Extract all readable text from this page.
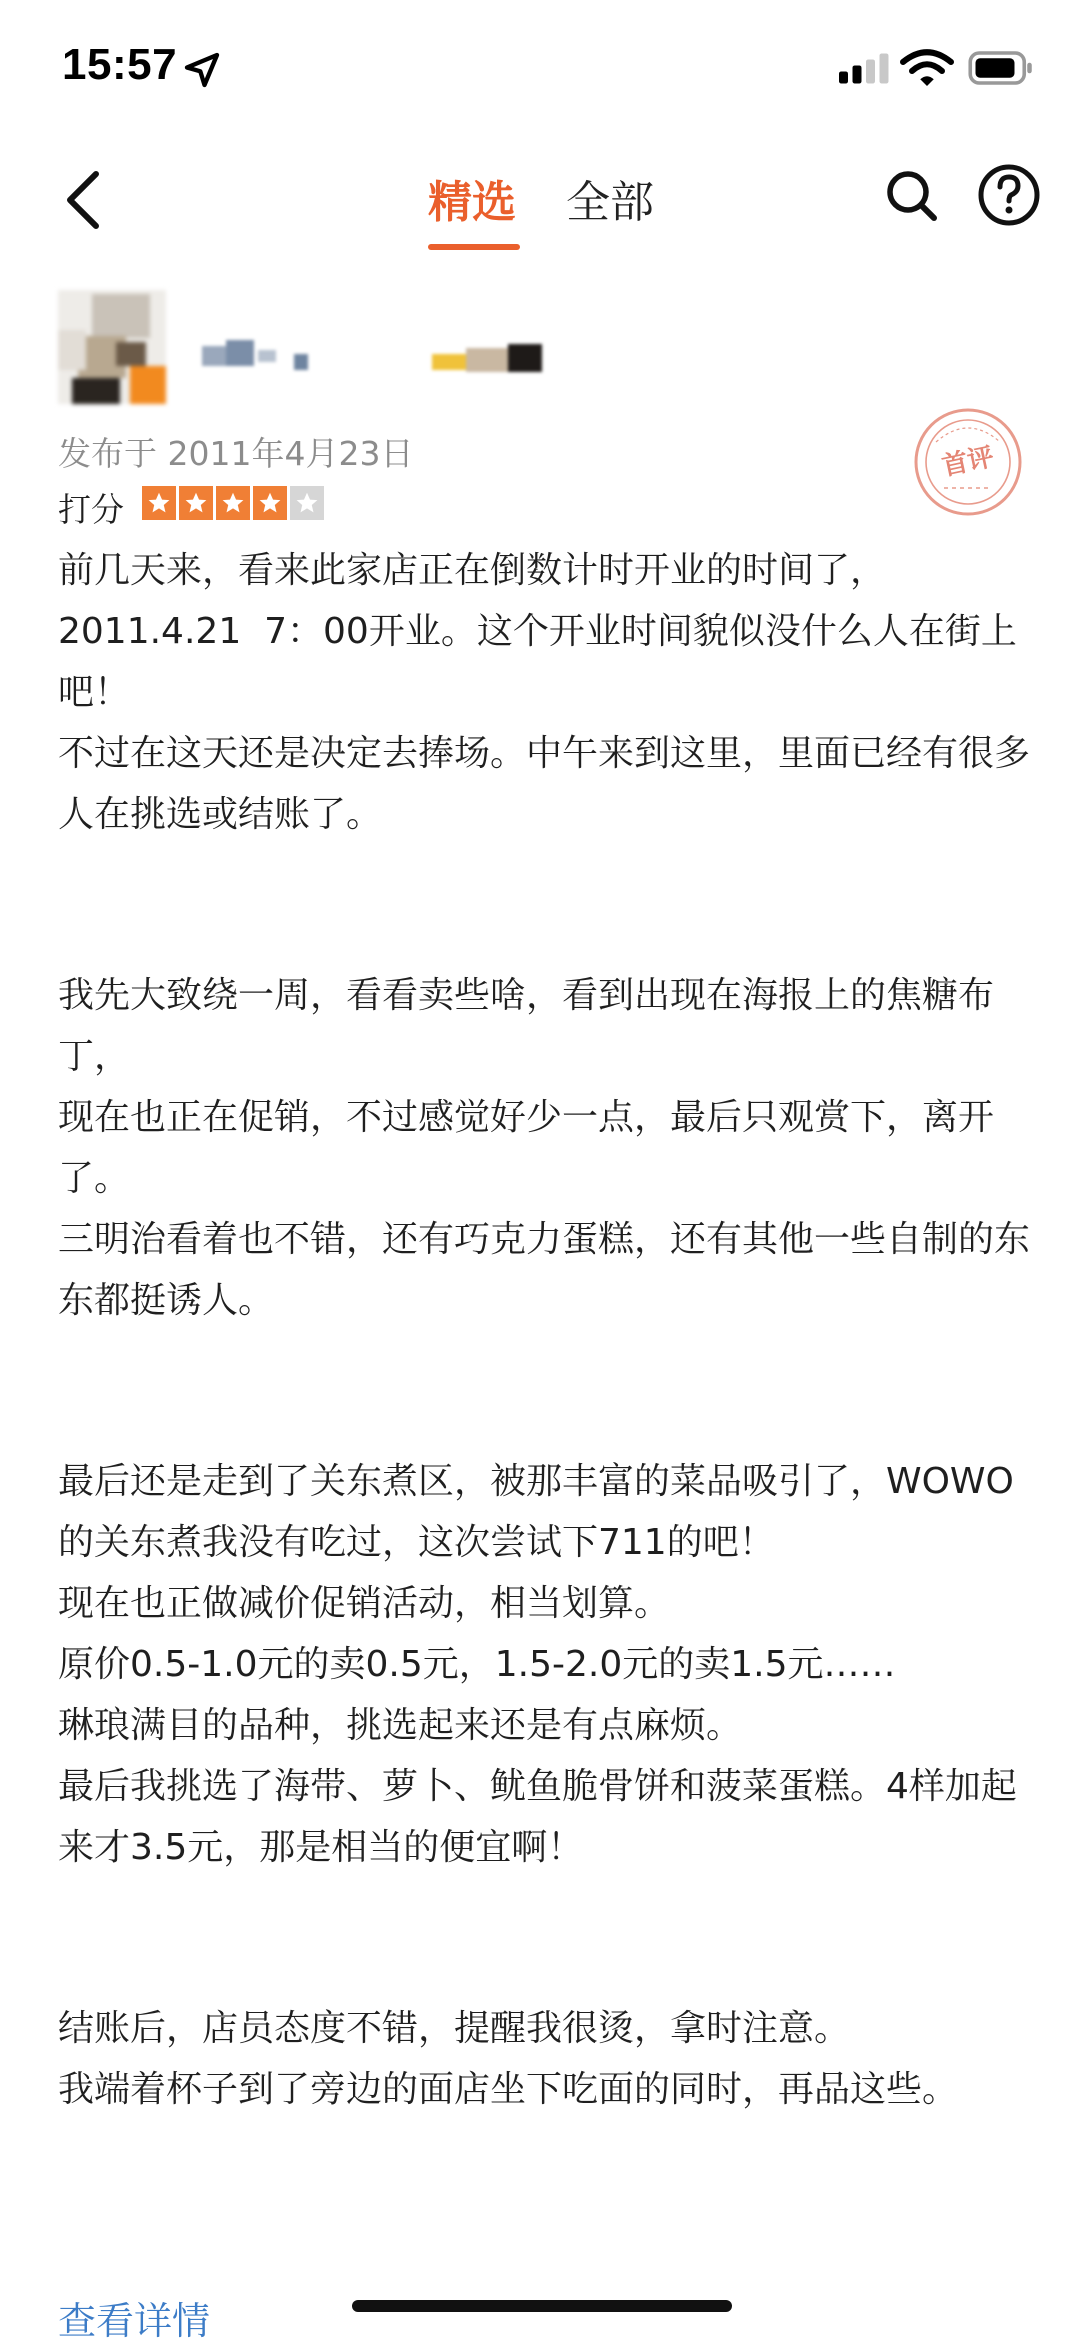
15:57
精选 全部
发布于 2011年4月23日
打分
首评

前几天来，看来此家店正在倒数计时开业的时间了，2011.4.21  7：00开业。这个开业时间貌似没什么人在街上吧！
不过在这天还是决定去捧场。中午来到这里，里面已经有很多人在挑选或结账了。

我先大致绕一周，看看卖些啥，看到出现在海报上的焦糖布丁，
现在也正在促销，不过感觉好少一点，最后只观赏下，离开了。
三明治看着也不错，还有巧克力蛋糕，还有其他一些自制的东东都挺诱人。

最后还是走到了关东煮区，被那丰富的菜品吸引了，WOWO的关东煮我没有吃过，这次尝试下711的吧！
现在也正做减价促销活动，相当划算。
原价0.5-1.0元的卖0.5元，1.5-2.0元的卖1.5元……
琳琅满目的品种，挑选起来还是有点麻烦。
最后我挑选了海带、萝卜、鱿鱼脆骨饼和菠菜蛋糕。4样加起来才3.5元，那是相当的便宜啊！

结账后，店员态度不错，提醒我很烫，拿时注意。
我端着杯子到了旁边的面店坐下吃面的同时，再品这些。

查看详情
